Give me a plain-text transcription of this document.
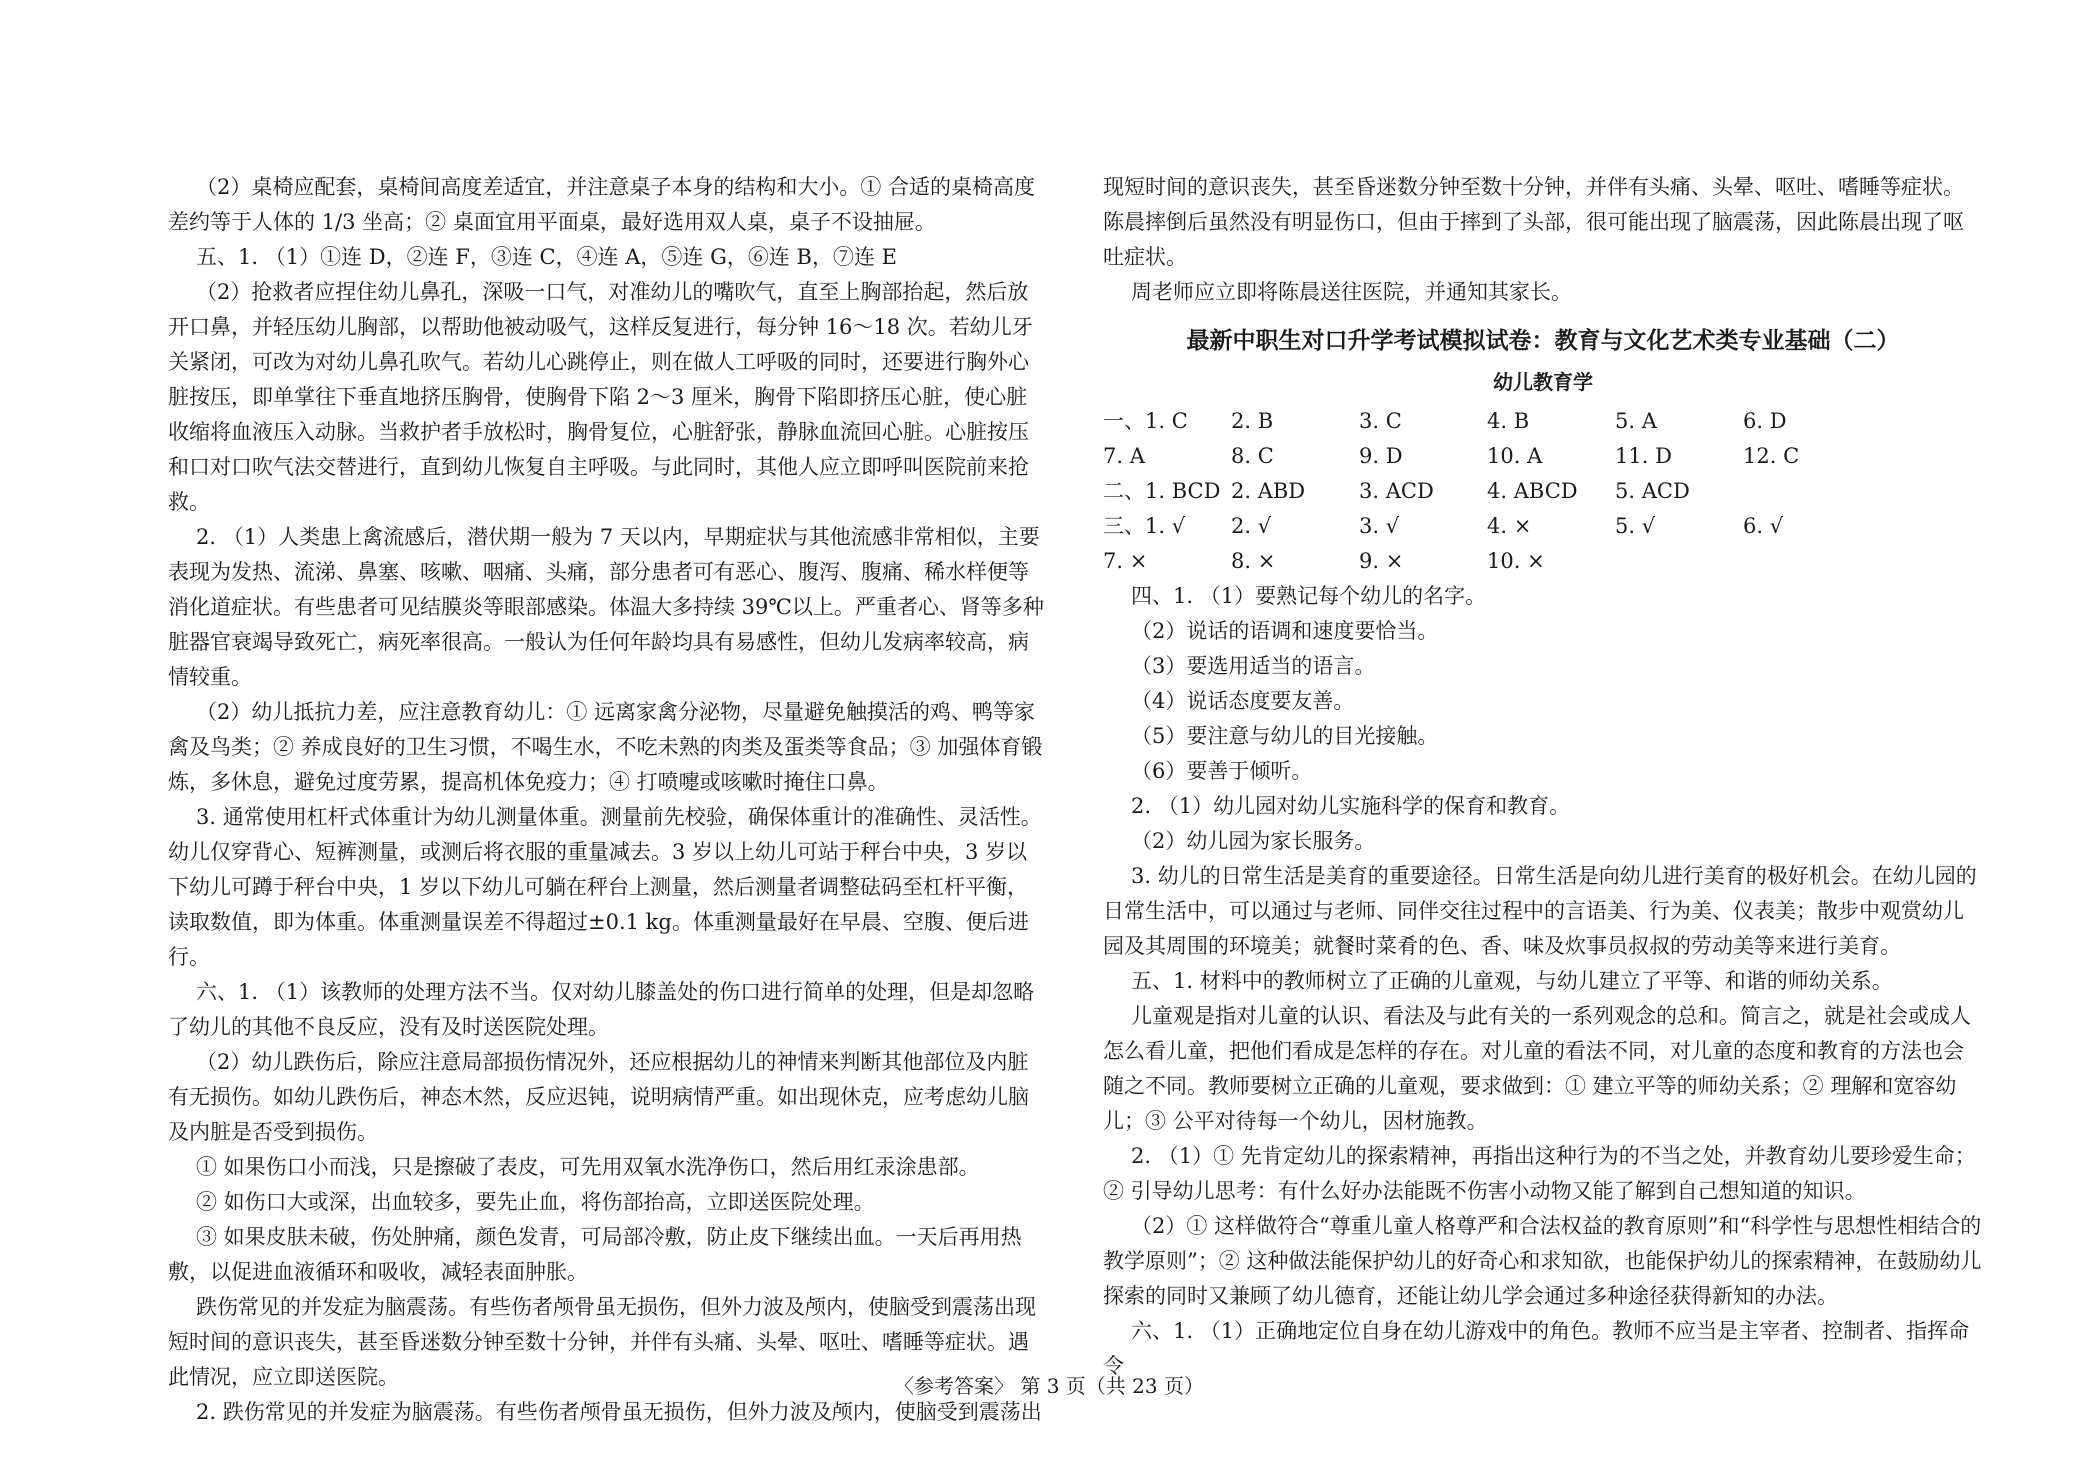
（2）桌椅应配套，桌椅间高度差适宜，并注意桌子本身的结构和大小。① 合适的桌椅高度差约等于人体的 1/3 坐高；② 桌面宜用平面桌，最好选用双人桌，桌子不设抽屉。

五、1. （1）①连 D，②连 F，③连 C，④连 A，⑤连 G，⑥连 B，⑦连 E

（2）抢救者应捏住幼儿鼻孔，深吸一口气，对准幼儿的嘴吹气，直至上胸部抬起，然后放开口鼻，并轻压幼儿胸部，以帮助他被动吸气，这样反复进行，每分钟 16～18 次。若幼儿牙关紧闭，可改为对幼儿鼻孔吹气。若幼儿心跳停止，则在做人工呼吸的同时，还要进行胸外心脏按压，即单掌往下垂直地挤压胸骨，使胸骨下陷 2～3 厘米，胸骨下陷即挤压心脏，使心脏收缩将血液压入动脉。当救护者手放松时，胸骨复位，心脏舒张，静脉血流回心脏。心脏按压和口对口吹气法交替进行，直到幼儿恢复自主呼吸。与此同时，其他人应立即呼叫医院前来抢救。

2. （1）人类患上禽流感后，潜伏期一般为 7 天以内，早期症状与其他流感非常相似，主要表现为发热、流涕、鼻塞、咳嗽、咽痛、头痛，部分患者可有恶心、腹泻、腹痛、稀水样便等消化道症状。有些患者可见结膜炎等眼部感染。体温大多持续 39℃以上。严重者心、肾等多种脏器官衰竭导致死亡，病死率很高。一般认为任何年龄均具有易感性，但幼儿发病率较高，病情较重。

（2）幼儿抵抗力差，应注意教育幼儿：① 远离家禽分泌物，尽量避免触摸活的鸡、鸭等家禽及鸟类；② 养成良好的卫生习惯，不喝生水，不吃未熟的肉类及蛋类等食品；③ 加强体育锻炼，多休息，避免过度劳累，提高机体免疫力；④ 打喷嚏或咳嗽时掩住口鼻。

3. 通常使用杠杆式体重计为幼儿测量体重。测量前先校验，确保体重计的准确性、灵活性。幼儿仅穿背心、短裤测量，或测后将衣服的重量减去。3 岁以上幼儿可站于秤台中央，3 岁以下幼儿可蹲于秤台中央，1 岁以下幼儿可躺在秤台上测量，然后测量者调整砝码至杠杆平衡，读取数值，即为体重。体重测量误差不得超过±0.1 kg。体重测量最好在早晨、空腹、便后进行。

六、1. （1）该教师的处理方法不当。仅对幼儿膝盖处的伤口进行简单的处理，但是却忽略了幼儿的其他不良反应，没有及时送医院处理。

（2）幼儿跌伤后，除应注意局部损伤情况外，还应根据幼儿的神情来判断其他部位及内脏有无损伤。如幼儿跌伤后，神态木然，反应迟钝，说明病情严重。如出现休克，应考虑幼儿脑及内脏是否受到损伤。

① 如果伤口小而浅，只是擦破了表皮，可先用双氧水洗净伤口，然后用红汞涂患部。

② 如伤口大或深，出血较多，要先止血，将伤部抬高，立即送医院处理。

③ 如果皮肤未破，伤处肿痛，颜色发青，可局部冷敷，防止皮下继续出血。一天后再用热敷，以促进血液循环和吸收，减轻表面肿胀。

跌伤常见的并发症为脑震荡。有些伤者颅骨虽无损伤，但外力波及颅内，使脑受到震荡出现短时间的意识丧失，甚至昏迷数分钟至数十分钟，并伴有头痛、头晕、呕吐、嗜睡等症状。遇此情况，应立即送医院。

2. 跌伤常见的并发症为脑震荡。有些伤者颅骨虽无损伤，但外力波及颅内，使脑受到震荡出

现短时间的意识丧失，甚至昏迷数分钟至数十分钟，并伴有头痛、头晕、呕吐、嗜睡等症状。陈晨摔倒后虽然没有明显伤口，但由于摔到了头部，很可能出现了脑震荡，因此陈晨出现了呕吐症状。

周老师应立即将陈晨送往医院，并通知其家长。

最新中职生对口升学考试模拟试卷：教育与文化艺术类专业基础（二）
幼儿教育学
一、1. C	2. B	3. C	4. B	5. A	6. D
7. A	8. C	9. D	10. A	11. D	12. C
二、1. BCD 2. ABD	3. ACD	4. ABCD	5. ACD
三、1. √	2. √	3. √	4. ×	5. √	6. √
7. ×	8. ×	9. ×	10. ×

四、1. （1）要熟记每个幼儿的名字。

（2）说话的语调和速度要恰当。

（3）要选用适当的语言。

（4）说话态度要友善。

（5）要注意与幼儿的目光接触。

（6）要善于倾听。

2. （1）幼儿园对幼儿实施科学的保育和教育。

（2）幼儿园为家长服务。

3. 幼儿的日常生活是美育的重要途径。日常生活是向幼儿进行美育的极好机会。在幼儿园的日常生活中，可以通过与老师、同伴交往过程中的言语美、行为美、仪表美；散步中观赏幼儿园及其周围的环境美；就餐时菜肴的色、香、味及炊事员叔叔的劳动美等来进行美育。

五、1. 材料中的教师树立了正确的儿童观，与幼儿建立了平等、和谐的师幼关系。

儿童观是指对儿童的认识、看法及与此有关的一系列观念的总和。简言之，就是社会或成人怎么看儿童，把他们看成是怎样的存在。对儿童的看法不同，对儿童的态度和教育的方法也会随之不同。教师要树立正确的儿童观，要求做到：① 建立平等的师幼关系；② 理解和宽容幼儿；③ 公平对待每一个幼儿，因材施教。

2. （1）① 先肯定幼儿的探索精神，再指出这种行为的不当之处，并教育幼儿要珍爱生命；② 引导幼儿思考：有什么好办法能既不伤害小动物又能了解到自己想知道的知识。

（2）① 这样做符合“尊重儿童人格尊严和合法权益的教育原则”和“科学性与思想性相结合的教学原则”；② 这种做法能保护幼儿的好奇心和求知欲，也能保护幼儿的探索精神，在鼓励幼儿探索的同时又兼顾了幼儿德育，还能让幼儿学会通过多种途径获得新知的办法。

六、1. （1）正确地定位自身在幼儿游戏中的角色。教师不应当是主宰者、控制者、指挥命令

〈参考答案〉 第 3 页（共 23 页）
